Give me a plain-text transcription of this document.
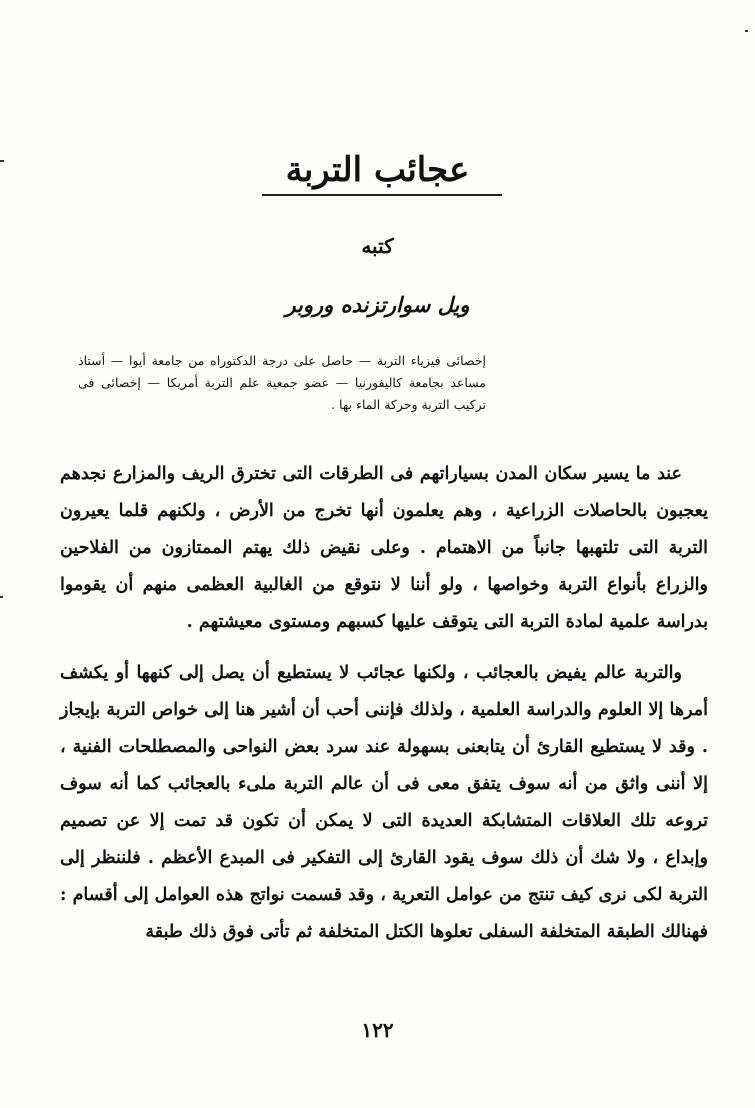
عجائب التربة
كتبه
ويل سوارتزنده وروبر
إخصائى فيزياء التربة — حاصل على درجة الدكتوراه من جامعة أيوا — أستاذ مساعد بجامعة كاليفورنيا — عضو جمعية علم التربة أمريكا — إخصائى فى تركيب التربة وحركة الماء بها .

عند ما يسير سكان المدن بسياراتهم فى الطرقات التى تخترق الريف والمزارع نجدهم يعجبون بالحاصلات الزراعية ، وهم يعلمون أنها تخرج من الأرض ، ولكنهم قلما يعيرون التربة التى تلتهبها جانباً من الاهتمام . وعلى نقيض ذلك يهتم الممتازون من الفلاحين والزراع بأنواع التربة وخواصها ، ولو أننا لا نتوقع من الغالبية العظمى منهم أن يقوموا بدراسة علمية لمادة التربة التى يتوقف عليها كسبهم ومستوى معيشتهم .

والتربة عالم يفيض بالعجائب ، ولكنها عجائب لا يستطيع أن يصل إلى كنهها أو يكشف أمرها إلا العلوم والدراسة العلمية ، ولذلك فإننى أحب أن أشير هنا إلى خواص التربة بإيجاز . وقد لا يستطيع القارئ أن يتابعنى بسهولة عند سرد بعض النواحى والمصطلحات الفنية ، إلا أننى واثق من أنه سوف يتفق معى فى أن عالم التربة ملىء بالعجائب كما أنه سوف تروعه تلك العلاقات المتشابكة العديدة التى لا يمكن أن تكون قد تمت إلا عن تصميم وإبداع ، ولا شك أن ذلك سوف يقود القارئ إلى التفكير فى المبدع الأعظم . فلننظر إلى التربة لكى نرى كيف تنتج من عوامل التعرية ، وقد قسمت نواتج هذه العوامل إلى أقسام : فهنالك الطبقة المتخلفة السفلى تعلوها الكتل المتخلفة ثم تأتى فوق ذلك طبقة

١٢٢
